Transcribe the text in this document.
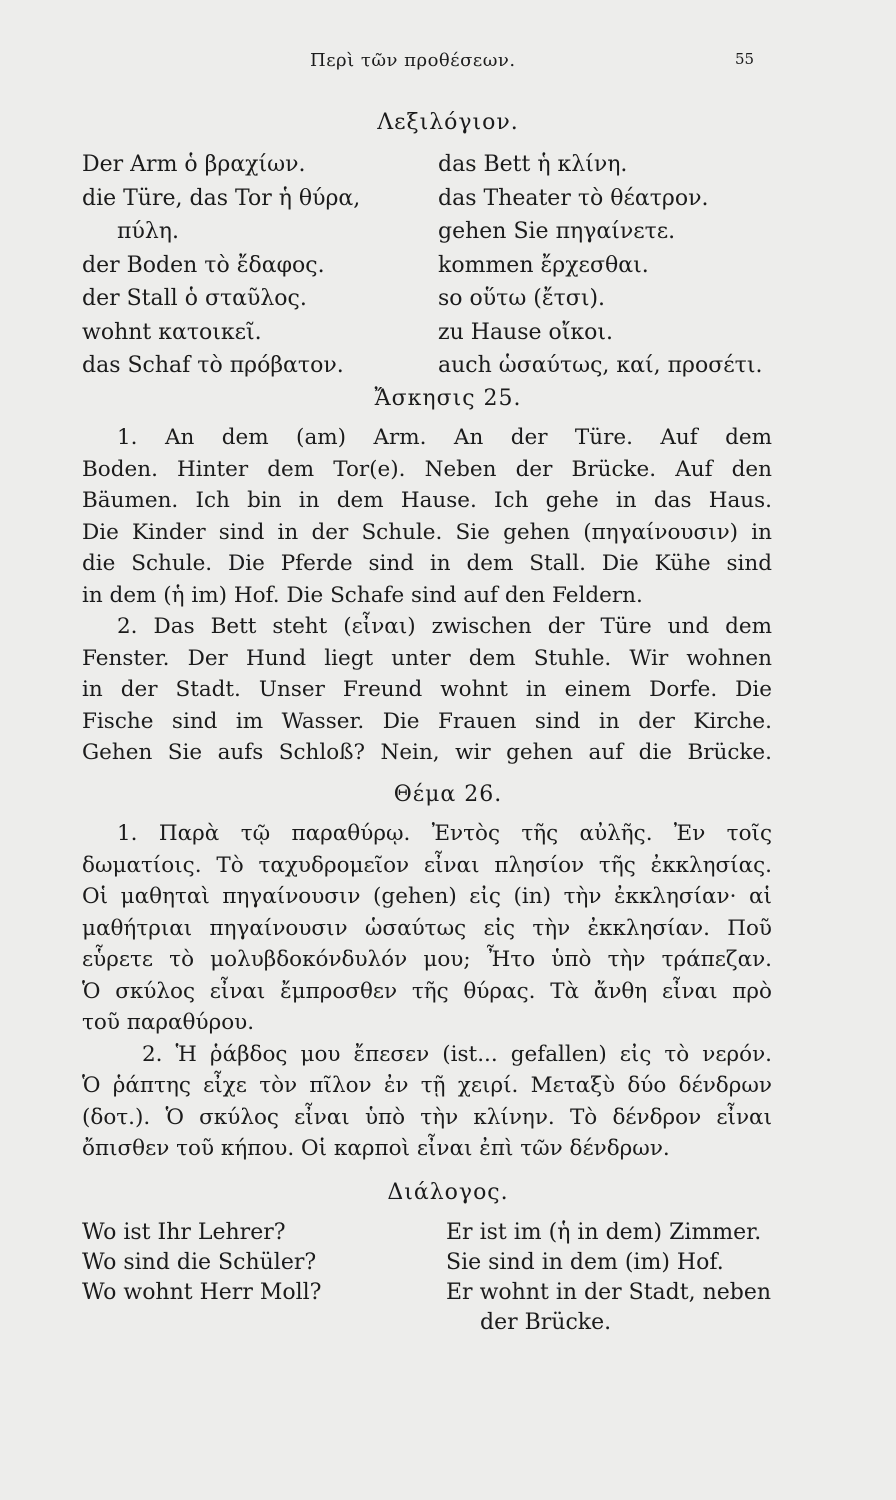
Περὶ τῶν προθέσεων.	55
Λεξιλόγιον.
Der Arm ὁ βραχίων.
die Türe, das Tor ἡ θύρα,
πύλη.
der Boden τὸ ἔδαφος.
der Stall ὁ σταῦλος.
wohnt κατοικεῖ.
das Schaf τὸ πρόβατον.
das Bett ἡ κλίνη.
das Theater τὸ θέατρον.
gehen Sie πηγαίνετε.
kommen ἔρχεσθαι.
so οὕτω (ἔτσι).
zu Hause οἴκοι.
auch ὡσαύτως, καί, προσέτι.
Ἄσκησις 25.
1. An dem (am) Arm. An der Türe. Auf dem
Boden. Hinter dem Tor(e). Neben der Brücke. Auf den
Bäumen. Ich bin in dem Hause. Ich gehe in das Haus.
Die Kinder sind in der Schule. Sie gehen (πηγαίνουσιν) in
die Schule. Die Pferde sind in dem Stall. Die Kühe sind
in dem (ἡ im) Hof. Die Schafe sind auf den Feldern.
2. Das Bett steht (εἶναι) zwischen der Türe und dem
Fenster. Der Hund liegt unter dem Stuhle. Wir wohnen
in der Stadt. Unser Freund wohnt in einem Dorfe. Die
Fische sind im Wasser. Die Frauen sind in der Kirche.
Gehen Sie aufs Schloß? Nein, wir gehen auf die Brücke.
Θέμα 26.
1. Παρὰ τῷ παραθύρῳ. Ἐντὸς τῆς αὐλῆς. Ἐν τοῖς
δωματίοις. Τὸ ταχυδρομεῖον εἶναι πλησίον τῆς ἐκκλησίας.
Οἱ μαθηταὶ πηγαίνουσιν (gehen) εἰς (in) τὴν ἐκκλησίαν· αἱ
μαθήτριαι πηγαίνουσιν ὡσαύτως εἰς τὴν ἐκκλησίαν. Ποῦ
εὗρετε τὸ μολυβδοκόνδυλόν μου; Ἦτο ὑπὸ τὴν τράπεζαν.
Ὁ σκύλος εἶναι ἔμπροσθεν τῆς θύρας. Τὰ ἄνθη εἶναι πρὸ
τοῦ παραθύρου.
2. Ἡ ῥάβδος μου ἔπεσεν (ist... gefallen) εἰς τὸ νερόν.
Ὁ ῥάπτης εἶχε τὸν πῖλον ἐν τῇ χειρί. Μεταξὺ δύο δένδρων
(δοτ.). Ὁ σκύλος εἶναι ὑπὸ τὴν κλίνην. Τὸ δένδρον εἶναι
ὄπισθεν τοῦ κήπου. Οἱ καρποὶ εἶναι ἐπὶ τῶν δένδρων.
Διάλογος.
Wo ist Ihr Lehrer?
Wo sind die Schüler?
Wo wohnt Herr Moll?
Er ist im (ἡ in dem) Zimmer.
Sie sind in dem (im) Hof.
Er wohnt in der Stadt, neben
der Brücke.
